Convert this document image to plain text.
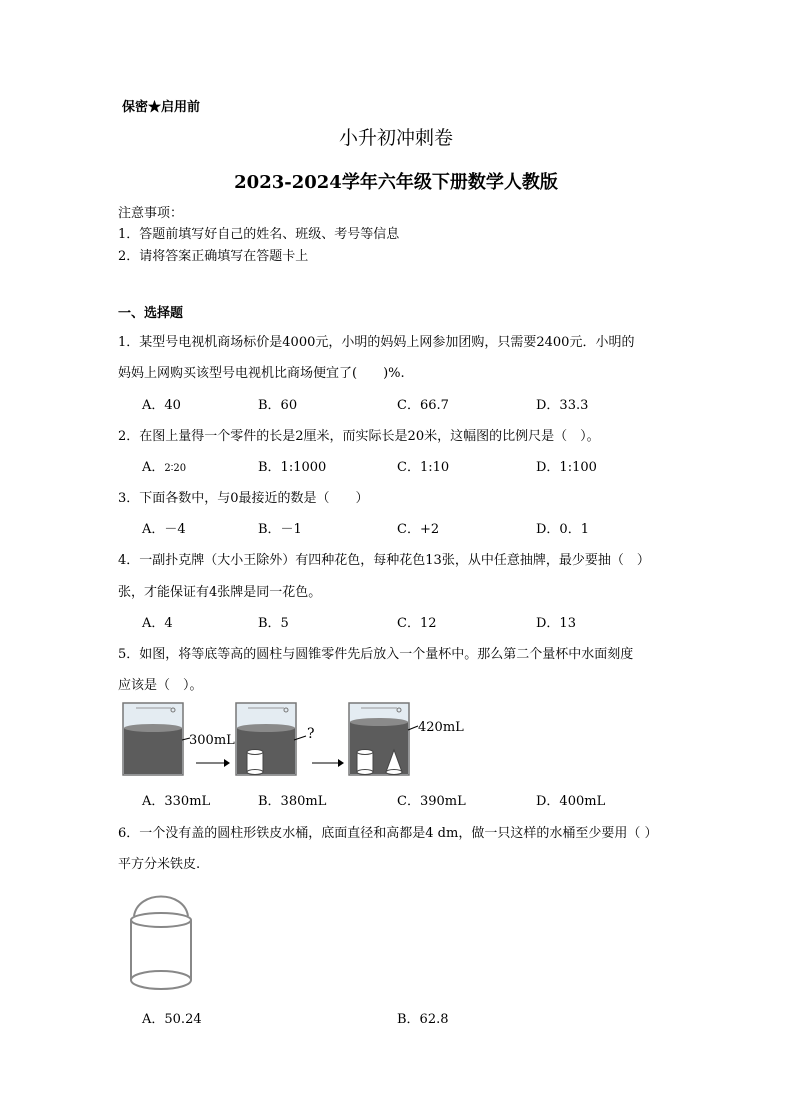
保密★启用前
小升初冲刺卷
2023-2024学年六年级下册数学人教版
注意事项：
1．答题前填写好自己的姓名、班级、考号等信息
2．请将答案正确填写在答题卡上
一、选择题
1．某型号电视机商场标价是4000元，小明的妈妈上网参加团购，只需要2400元．小明的
妈妈上网购买该型号电视机比商场便宜了(　　)%.
A．40	B．60	C．66.7	D．33.3
2．在图上量得一个零件的长是2厘米，而实际长是20米，这幅图的比例尺是（　）。
A．2∶20	B．1:1000	C．1:10	D．1:100
3．下面各数中，与0最接近的数是（　　）
A．－4	B．－1	C．+2	D．0．1
4．一副扑克牌（大小王除外）有四种花色，每种花色13张，从中任意抽牌，最少要抽（　）
张，才能保证有4张牌是同一花色。
A．4	B．5	C．12	D．13
5．如图，将等底等高的圆柱与圆锥零件先后放入一个量杯中。那么第二个量杯中水面刻度
应该是（　）。
300mL	?	420mL
A．330mL	B．380mL	C．390mL	D．400mL
6．一个没有盖的圆柱形铁皮水桶，底面直径和高都是4 dm，做一只这样的水桶至少要用（ ）
平方分米铁皮.
A．50.24	B．62.8
